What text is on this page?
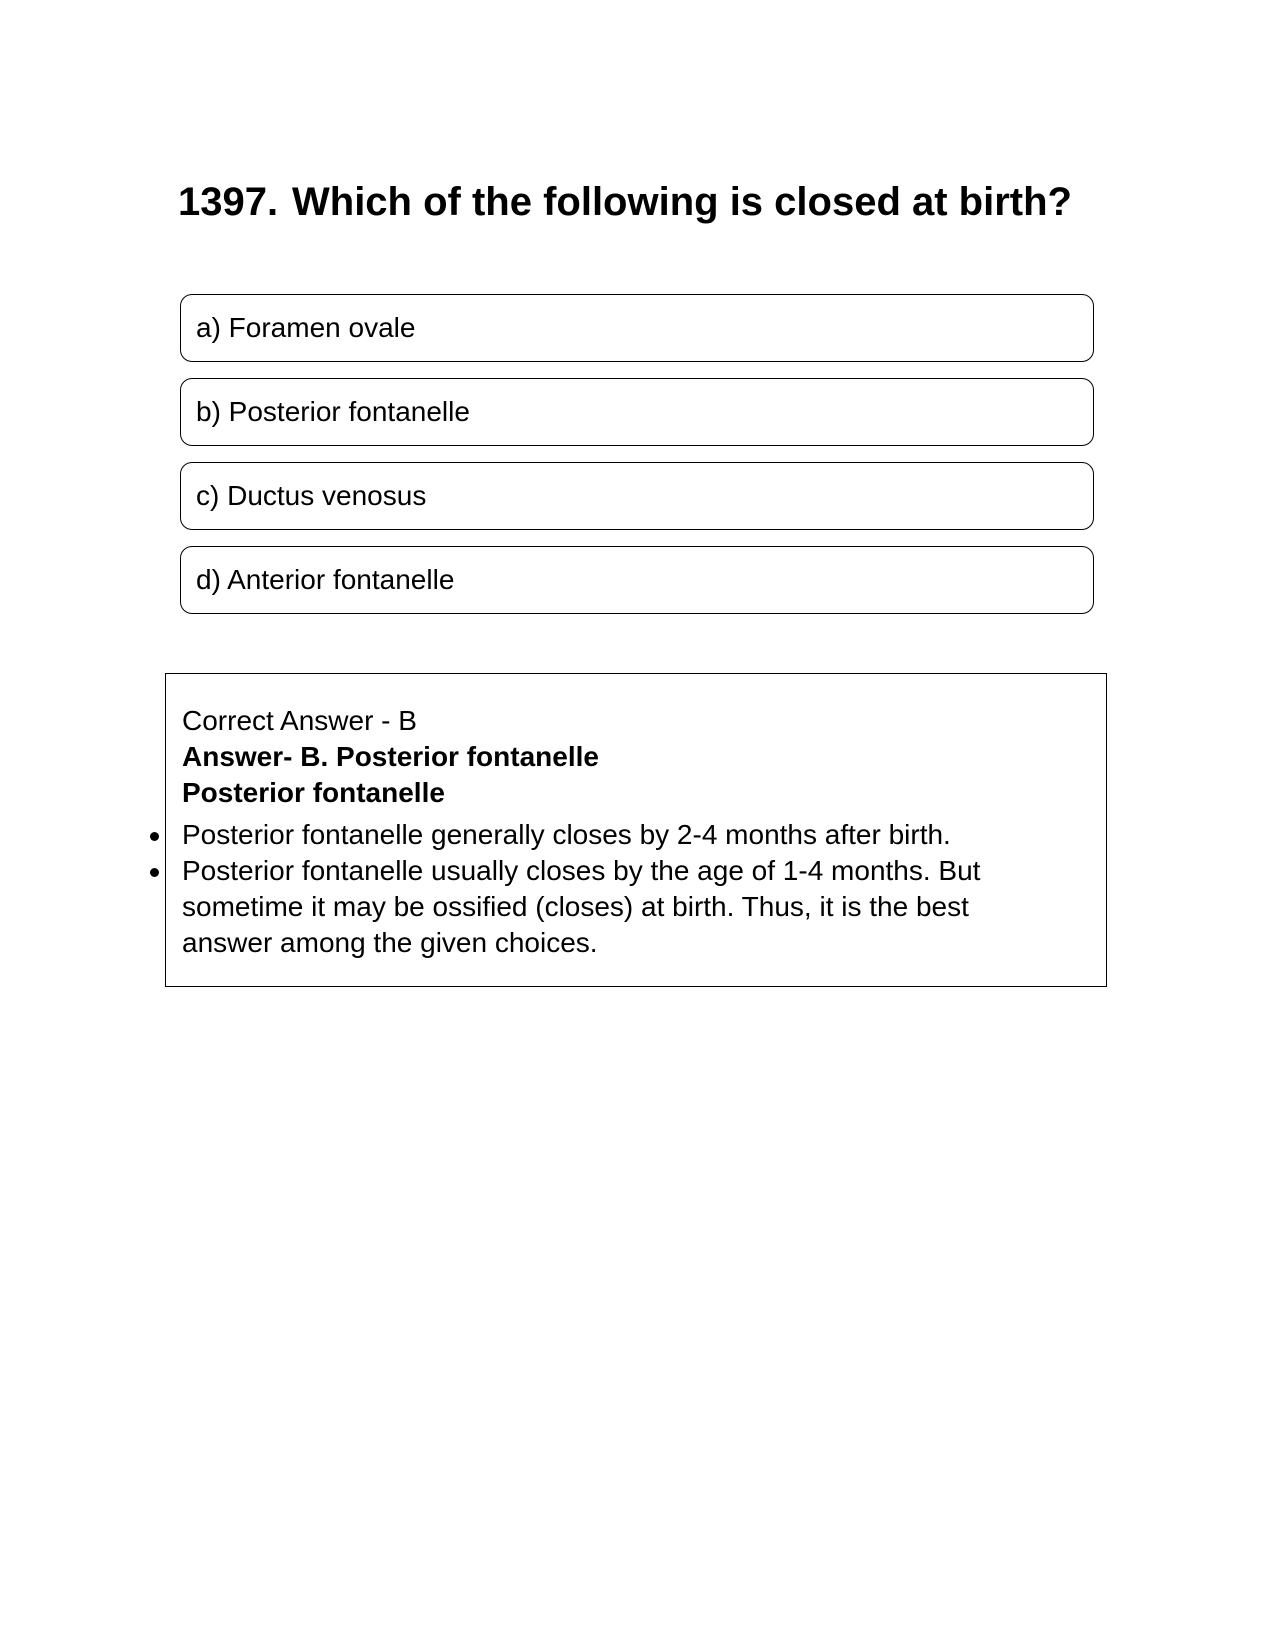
1397. Which of the following is closed at birth?
a) Foramen ovale
b) Posterior fontanelle
c) Ductus venosus
d) Anterior fontanelle
Correct Answer - B
Answer- B. Posterior fontanelle
Posterior fontanelle
Posterior fontanelle generally closes by 2-4 months after birth.
Posterior fontanelle usually closes by the age of 1-4 months. But sometime it may be ossified (closes) at birth. Thus, it is the best answer among the given choices.
